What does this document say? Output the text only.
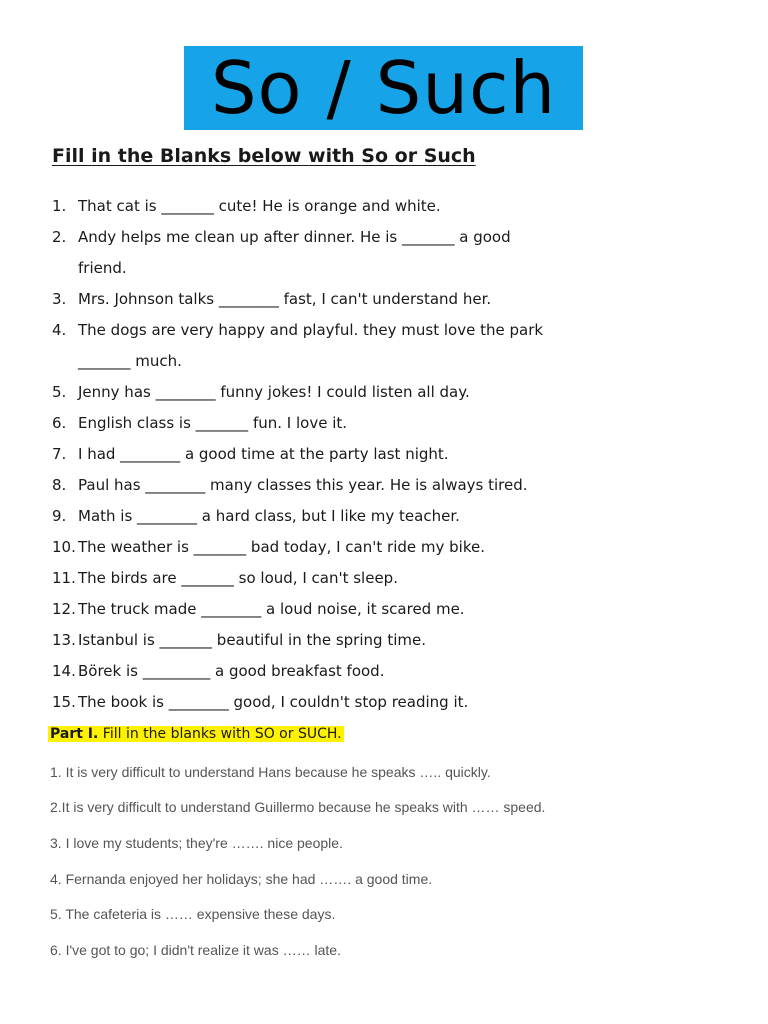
So / Such
Fill in the Blanks below with So or Such
1. That cat is _______ cute! He is orange and white.
2. Andy helps me clean up after dinner. He is _______ a good
friend.
3. Mrs. Johnson talks ________ fast, I can't understand her.
4. The dogs are very happy and playful. they must love the park
_______ much.
5. Jenny has ________ funny jokes! I could listen all day.
6. English class is _______ fun. I love it.
7. I had ________ a good time at the party last night.
8. Paul has ________ many classes this year. He is always tired.
9. Math is ________ a hard class, but I like my teacher.
10. The weather is _______ bad today, I can't ride my bike.
11. The birds are _______ so loud, I can't sleep.
12. The truck made ________ a loud noise, it scared me.
13. Istanbul is _______ beautiful in the spring time.
14. Börek is _________ a good breakfast food.
15. The book is ________ good, I couldn't stop reading it.
Part I. Fill in the blanks with SO or SUCH.
1. It is very difficult to understand Hans because he speaks ….. quickly.
2.It is very difficult to understand Guillermo because he speaks with …… speed.
3. I love my students; they're ……. nice people.
4. Fernanda enjoyed her holidays; she had ……. a good time.
5. The cafeteria is …… expensive these days.
6. I've got to go; I didn't realize it was …… late.
